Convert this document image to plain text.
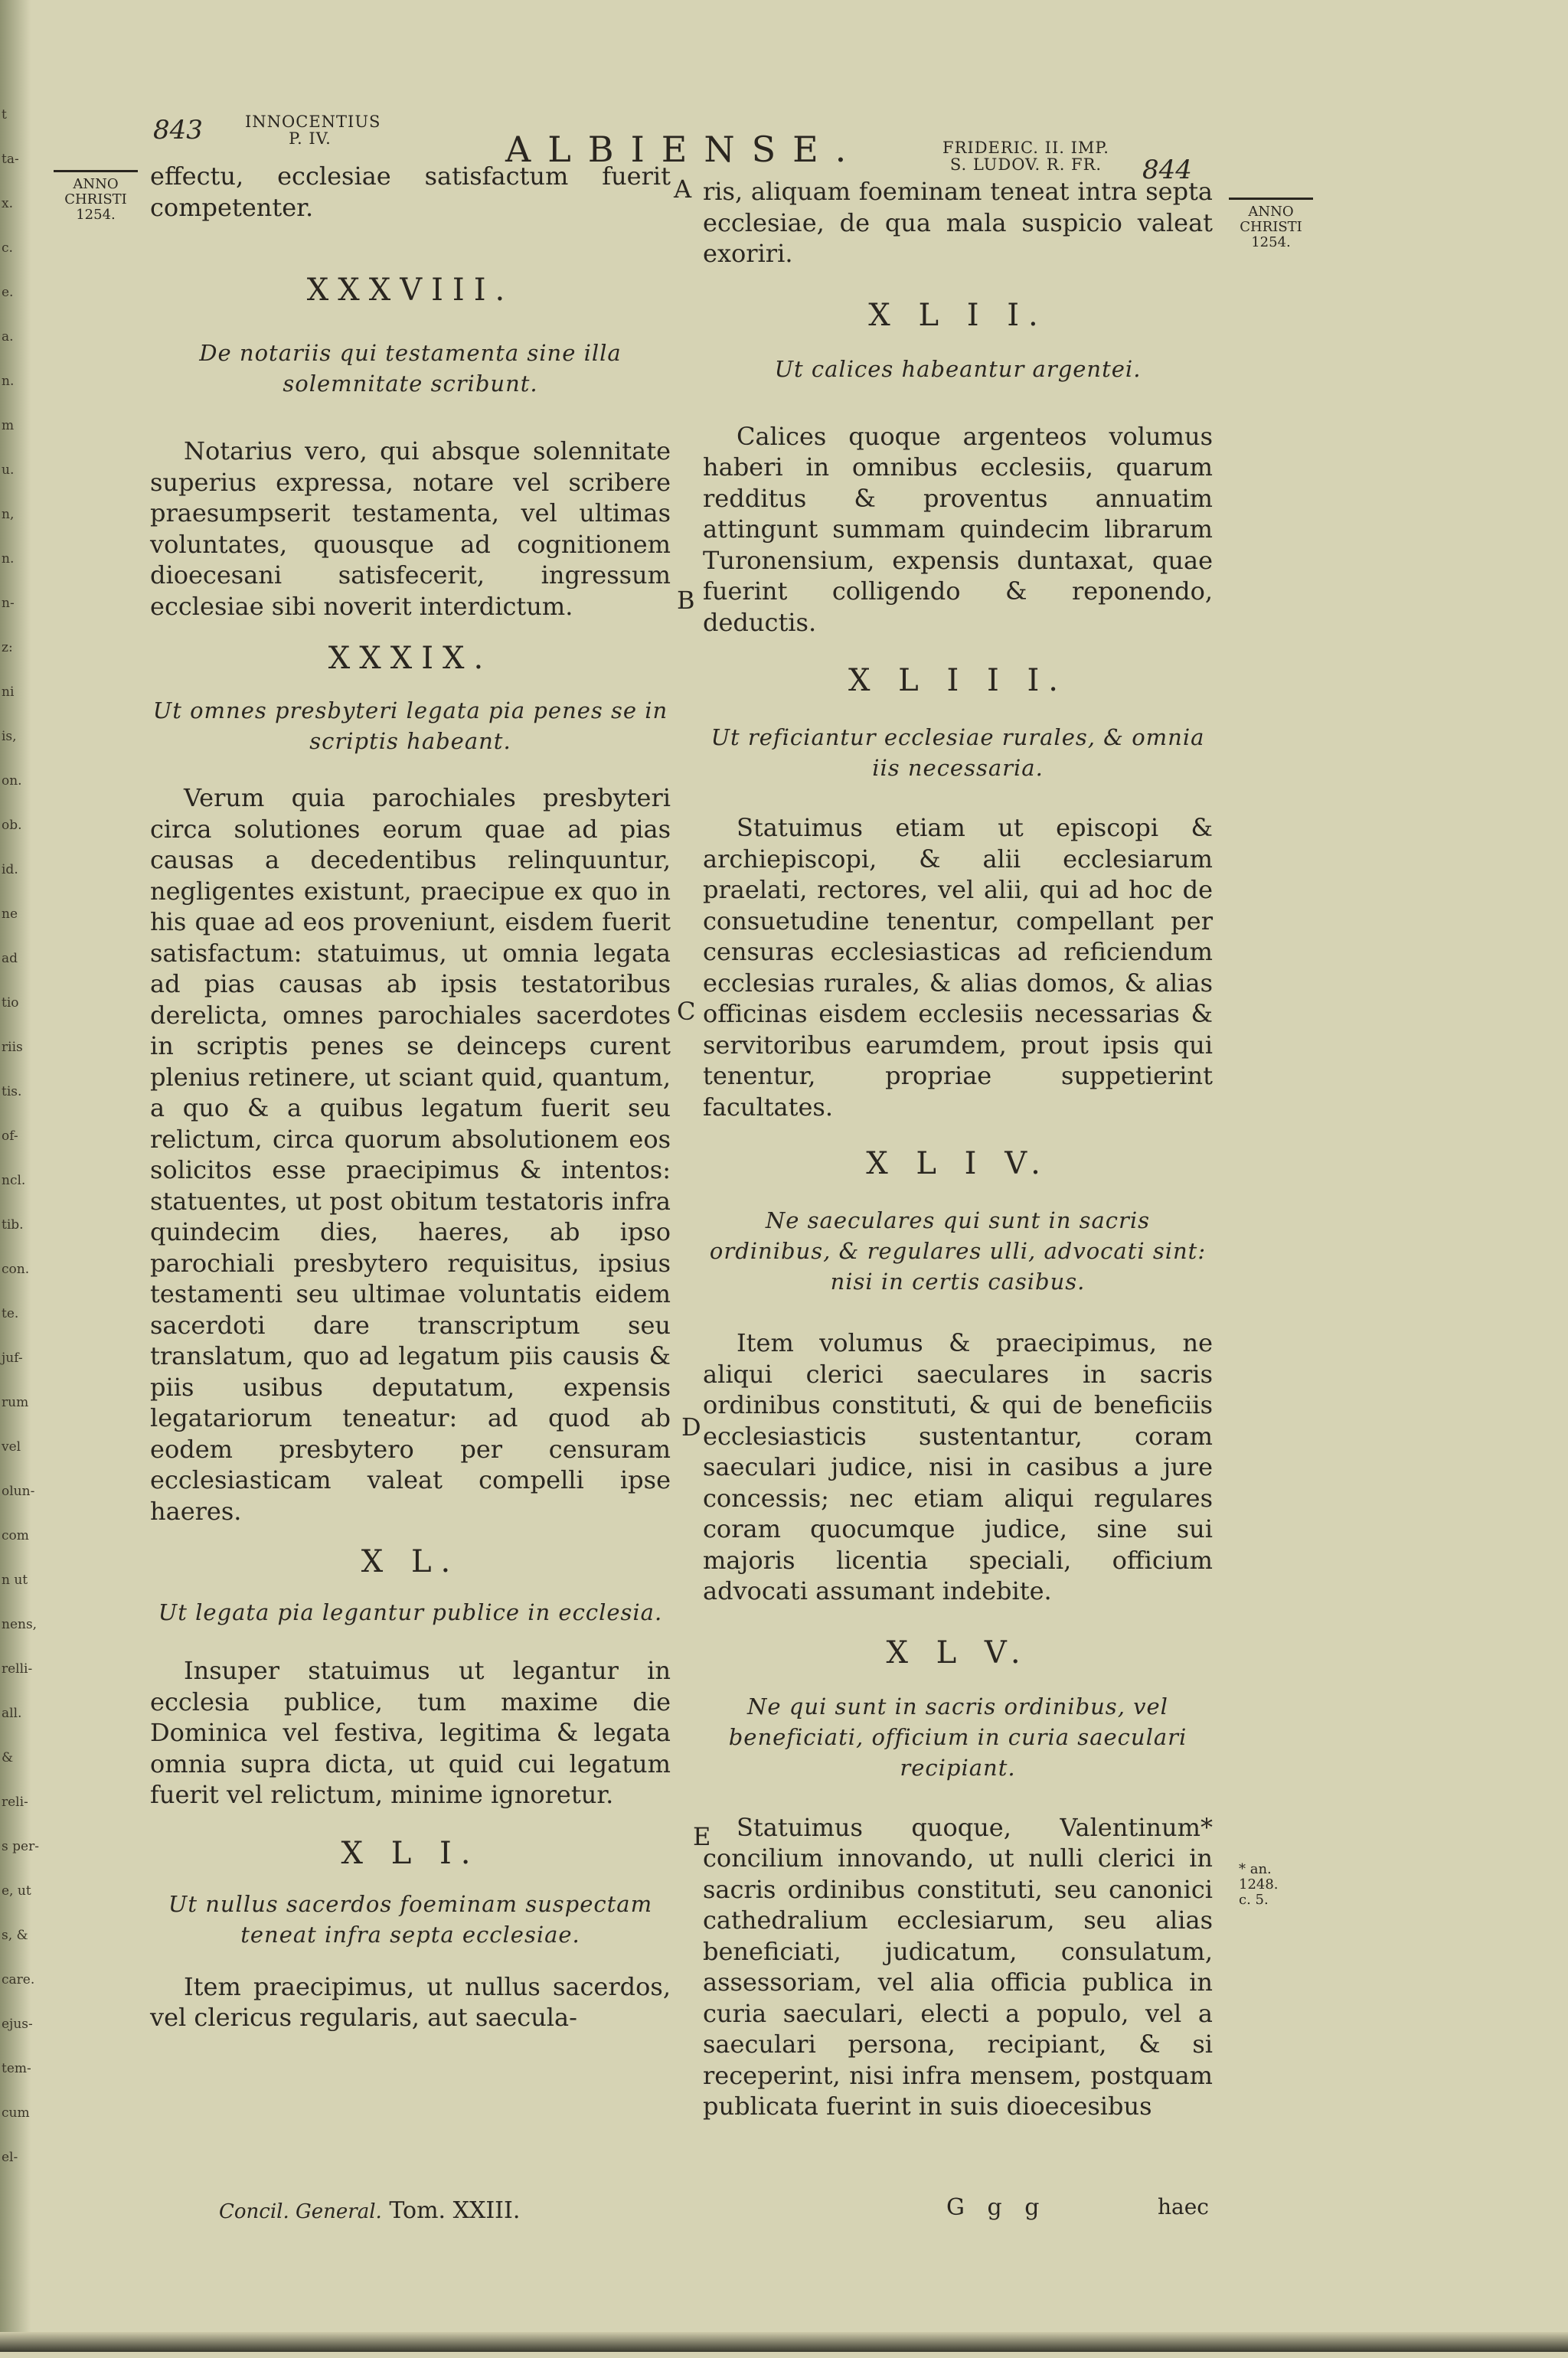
t
ta-
x.
c.
e.
a.
n.
m
u.
n,
n.
n-
z:
ni
is,
on.
ob.
id.
ne
ad
tio
riis
tis.
of-
ncl.
tib.
con.
te.
juf-
rum
vel
olun-
com
n ut
nens,
relli-
all.
&
reli-
s per-
e, ut
s, &
care.
ejus-
tem-
cum
el-
843	INNOCENTIUS
P. IV.	ALBIENSE.	FRIDERIC. II. IMP.
S. LUDOV. R. FR.	844
ANNO
CHRISTI
1254.	ANNO
CHRISTI
1254.
* an. 1248.
c. 5.
A
B
C
D
E

effectu, ecclesiae satisfactum fuerit competenter.

XXXVIII.
De notariis qui testamenta sine illa solemnitate scribunt.

Notarius vero, qui absque solennitate superius expressa, notare vel scribere praesumpserit testamenta, vel ultimas voluntates, quousque ad cognitionem dioecesani satisfecerit, ingressum ecclesiae sibi noverit interdictum.

XXXIX.
Ut omnes presbyteri legata pia penes se in scriptis habeant.

Verum quia parochiales presbyteri circa solutiones eorum quae ad pias causas a decedentibus relinquuntur, negligentes existunt, praecipue ex quo in his quae ad eos proveniunt, eisdem fuerit satisfactum: statuimus, ut omnia legata ad pias causas ab ipsis testatoribus derelicta, omnes parochiales sacerdotes in scriptis penes se deinceps curent plenius retinere, ut sciant quid, quantum, a quo & a quibus legatum fuerit seu relictum, circa quorum absolutionem eos solicitos esse praecipimus & intentos: statuentes, ut post obitum testatoris infra quindecim dies, haeres, ab ipso parochiali presbytero requisitus, ipsius testamenti seu ultimae voluntatis eidem sacerdoti dare transcriptum seu translatum, quo ad legatum piis causis & piis usibus deputatum, expensis legatariorum teneatur: ad quod ab eodem presbytero per censuram ecclesiasticam valeat compelli ipse haeres.

X L.
Ut legata pia legantur publice in ecclesia.

Insuper statuimus ut legantur in ecclesia publice, tum maxime die Dominica vel festiva, legitima & legata omnia supra dicta, ut quid cui legatum fuerit vel relictum, minime ignoretur.

X L I.
Ut nullus sacerdos foeminam suspectam teneat infra septa ecclesiae.

Item praecipimus, ut nullus sacerdos, vel clericus regularis, aut saecula-

ris, aliquam foeminam teneat intra septa ecclesiae, de qua mala suspicio valeat exoriri.

X L I I.
Ut calices habeantur argentei.

Calices quoque argenteos volumus haberi in omnibus ecclesiis, quarum redditus & proventus annuatim attingunt summam quindecim librarum Turonensium, expensis duntaxat, quae fuerint colligendo & reponendo, deductis.

X L I I I.
Ut reficiantur ecclesiae rurales, & omnia iis necessaria.

Statuimus etiam ut episcopi & archiepiscopi, & alii ecclesiarum praelati, rectores, vel alii, qui ad hoc de consuetudine tenentur, compellant per censuras ecclesiasticas ad reficiendum ecclesias rurales, & alias domos, & alias officinas eisdem ecclesiis necessarias & servitoribus earumdem, prout ipsis qui tenentur, propriae suppetierint facultates.

X L I V.
Ne saeculares qui sunt in sacris ordinibus, & regulares ulli, advocati sint: nisi in certis casibus.

Item volumus & praecipimus, ne aliqui clerici saeculares in sacris ordinibus constituti, & qui de beneficiis ecclesiasticis sustentantur, coram saeculari judice, nisi in casibus a jure concessis; nec etiam aliqui regulares coram quocumque judice, sine sui majoris licentia speciali, officium advocati assumant indebite.

X L V.
Ne qui sunt in sacris ordinibus, vel beneficiati, officium in curia saeculari recipiant.

Statuimus quoque, Valentinum* concilium innovando, ut nulli clerici in sacris ordinibus constituti, seu canonici cathedralium ecclesiarum, seu alias beneficiati, judicatum, consulatum, assessoriam, vel alia officia publica in curia saeculari, electi a populo, vel a saeculari persona, recipiant, & si receperint, nisi infra mensem, postquam publicata fuerint in suis dioecesibus

Concil. General. Tom. XXIII.	G g g	haec
